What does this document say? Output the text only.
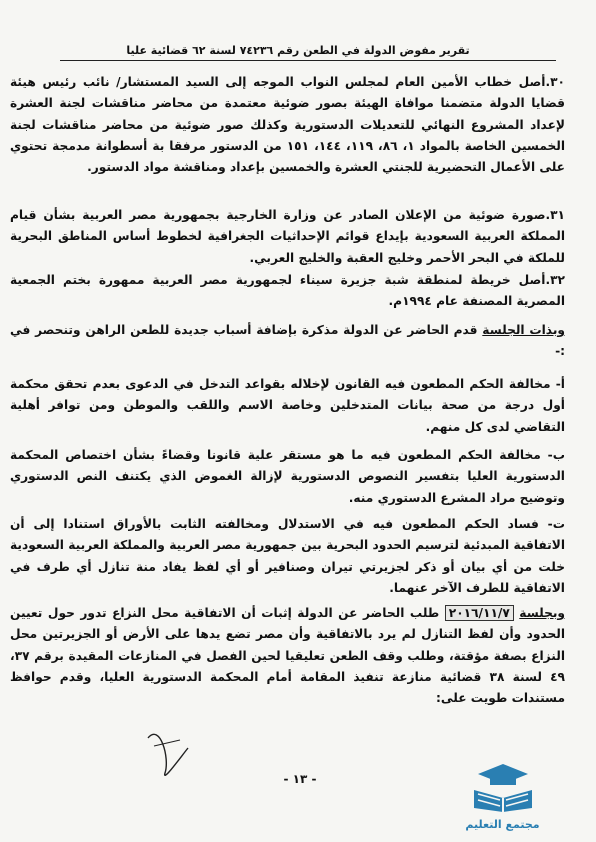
تقرير مفوض الدولة في الطعن رقم ٧٤٢٣٦ لسنة ٦٢ قضائية عليا
٣٠.أصل خطاب الأمين العام لمجلس النواب الموجه إلى السيد المستشار/ نائب رئيس هيئة قضايا الدولة متضمنا موافاة الهيئة بصور ضوئية معتمدة من محاضر مناقشات لجنة العشرة لإعداد المشروع النهائي للتعديلات الدستورية وكذلك صور ضوئية من محاضر مناقشات لجنة الخمسين الخاصة بالمواد ١، ٨٦، ١١٩، ١٤٤، ١٥١ من الدستور مرفقا بة أسطوانة مدمجة تحتوي على الأعمال التحضيرية للجنتي العشرة والخمسين بإعداد ومناقشة مواد الدستور.
٣١.صورة ضوئية من الإعلان الصادر عن وزارة الخارجية بجمهورية مصر العربية بشأن قيام المملكة العربية السعودية بإيداع قوائم الإحداثيات الجغرافية لخطوط أساس المناطق البحرية للملكة في البحر الأحمر وخليج العقبة والخليج العربي.
٣٢.أصل خريطة لمنطقة شبة جزيرة سيناء لجمهورية مصر العربية ممهورة بختم الجمعية المصرية المصنفة عام ١٩٩٤م.
وبذات الجلسة قدم الحاضر عن الدولة مذكرة بإضافة أسباب جديدة للطعن الراهن وتنحصر في :-
أ- مخالفة الحكم المطعون فيه القانون لإخلاله بقواعد التدخل في الدعوى بعدم تحقق محكمة أول درجة من صحة بيانات المتدخلين وخاصة الاسم واللقب والموطن ومن توافر أهلية التقاضي لدى كل منهم.
ب- مخالفة الحكم المطعون فيه ما هو مستقر علية قانونا وقضاءً بشأن اختصاص المحكمة الدستورية العليا بتفسير النصوص الدستورية لإزالة الغموض الذي يكتنف النص الدستوري وتوضيح مراد المشرع الدستوري منه.
ت- فساد الحكم المطعون فيه في الاستدلال ومخالفته الثابت بالأوراق استنادا إلى أن الاتفاقية المبدئية لترسيم الحدود البحرية بين جمهورية مصر العربية والمملكة العربية السعودية خلت من أي بيان أو ذكر لجزيرتي تيران وصنافير أو أي لفظ يفاد منة تنازل أي طرف في الاتفاقية للطرف الآخر عنهما.
وبجلسة ٢٠١٦/١١/٧ طلب الحاضر عن الدولة إثبات أن الاتفاقية محل النزاع تدور حول تعيين الحدود وأن لفظ التنازل لم يرد بالاتفاقية وأن مصر تضع يدها على الأرض أو الجزيرتين محل النزاع بصفة مؤقتة، وطلب وقف الطعن تعليقيا لحين الفصل في المنازعات المقيدة برقم ٣٧، ٤٩ لسنة ٣٨ قضائية منازعة تنفيذ المقامة أمام المحكمة الدستورية العليا، وقدم حوافظ مستندات طويت على:
- ١٣ -
مجتمع التعليم
